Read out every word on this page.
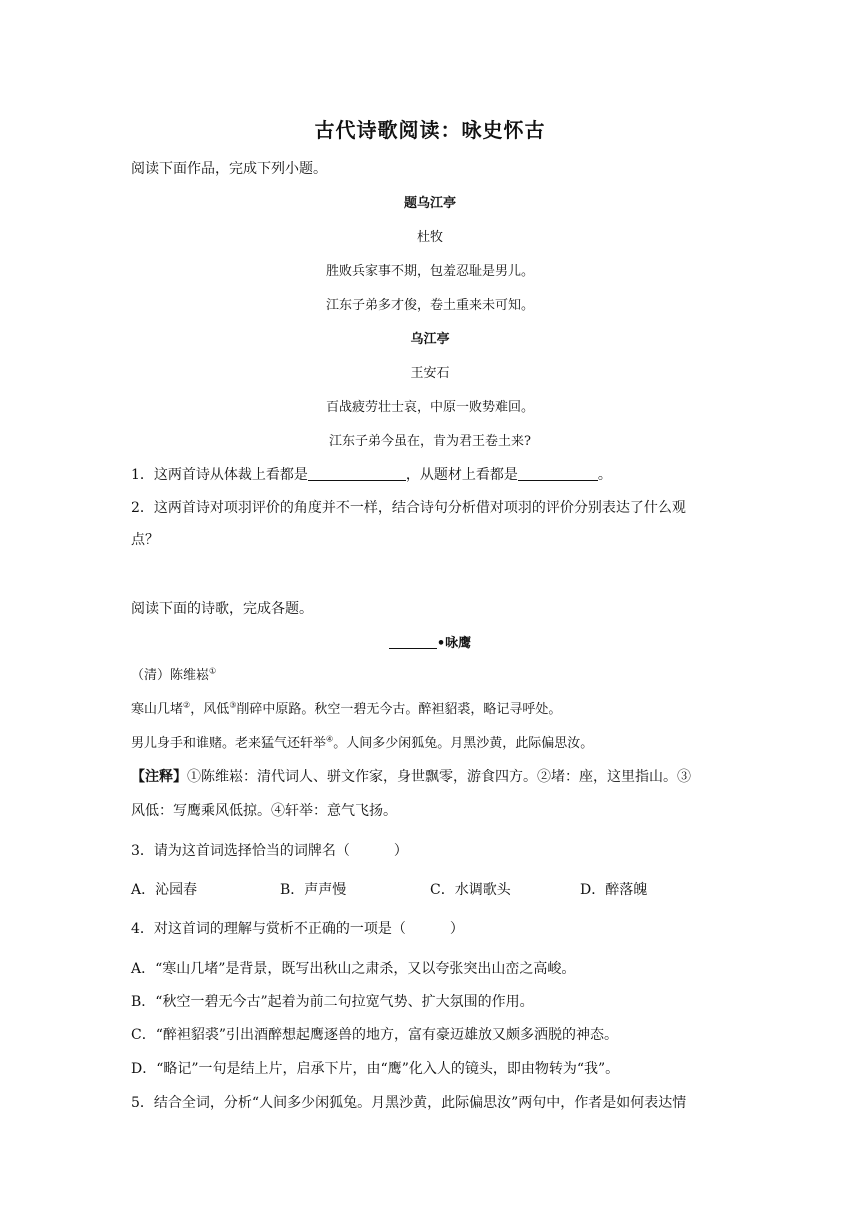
古代诗歌阅读：咏史怀古
阅读下面作品，完成下列小题。
题乌江亭
杜牧
胜败兵家事不期，包羞忍耻是男儿。
江东子弟多才俊，卷土重来未可知。
乌江亭
王安石
百战疲劳壮士哀，中原一败势难回。
江东子弟今虽在，肯为君王卷土来?
1．这两首诗从体裁上看都是	，从题材上看都是	。
2．这两首诗对项羽评价的角度并不一样，结合诗句分析借对项羽的评价分别表达了什么观
点？
阅读下面的诗歌，完成各题。
•咏鹰
（清）陈维崧①
寒山几堵②，风低③削碎中原路。秋空一碧无今古。醉袒貂裘，略记寻呼处。
男儿身手和谁赌。老来猛气还轩举④。人间多少闲狐兔。月黑沙黄，此际偏思汝。
【注释】①陈维崧：清代词人、骈文作家，身世飘零，游食四方。②堵：座，这里指山。③
风低：写鹰乘风低掠。④轩举：意气飞扬。
3．请为这首词选择恰当的词牌名（	）
A．沁园春	B．声声慢	C．水调歌头	D．醉落魄
4．对这首词的理解与赏析不正确的一项是（	）
A．“寒山几堵”是背景，既写出秋山之肃杀，又以夸张突出山峦之高峻。
B．“秋空一碧无今古”起着为前二句拉宽气势、扩大氛围的作用。
C．“醉袒貂裘”引出酒醉想起鹰逐兽的地方，富有豪迈雄放又颇多洒脱的神态。
D．“略记”一句是结上片，启承下片，由“鹰”化入人的镜头，即由物转为“我”。
5．结合全词，分析“人间多少闲狐兔。月黑沙黄，此际偏思汝”两句中，作者是如何表达情
